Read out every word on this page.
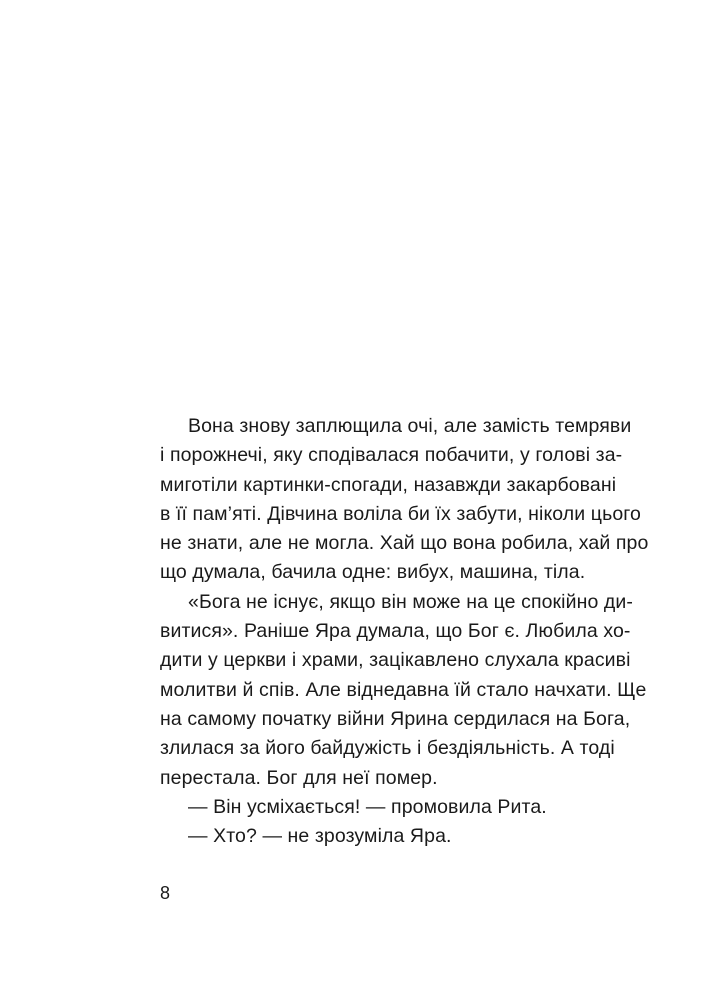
Вона знову заплющила очі, але замість темряви
і порожнечі, яку сподівалася побачити, у голові за-
миготіли картинки-спогади, назавжди закарбовані
в її пам’яті. Дівчина воліла би їх забути, ніколи цього
не знати, але не могла. Хай що вона робила, хай про
що думала, бачила одне: вибух, машина, тіла.
«Бога не існує, якщо він може на це спокійно ди-
витися». Раніше Яра думала, що Бог є. Любила хо-
дити у церкви і храми, зацікавлено слухала красиві
молитви й спів. Але віднедавна їй стало начхати. Ще
на самому початку війни Ярина сердилася на Бога,
злилася за його байдужість і бездіяльність. А тоді
перестала. Бог для неї помер.
— Він усміхається! — промовила Рита.
— Хто? — не зрозуміла Яра.
8
